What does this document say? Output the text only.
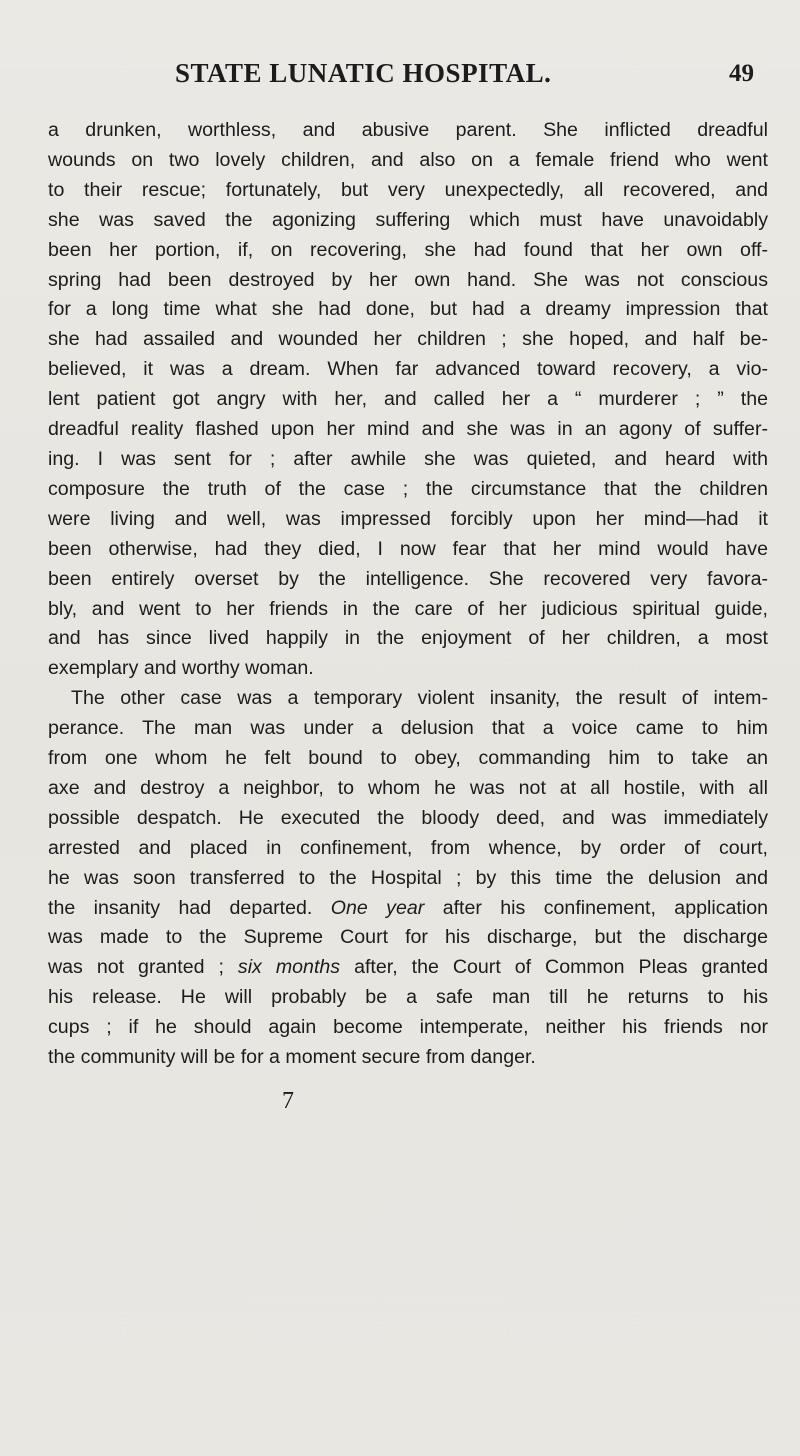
STATE LUNATIC HOSPITAL.	49
a drunken, worthless, and abusive parent. She inflicted dreadful
wounds on two lovely children, and also on a female friend who went
to their rescue; fortunately, but very unexpectedly, all recovered, and
she was saved the agonizing suffering which must have unavoidably
been her portion, if, on recovering, she had found that her own off-
spring had been destroyed by her own hand. She was not conscious
for a long time what she had done, but had a dreamy impression that
she had assailed and wounded her children ; she hoped, and half be-
believed, it was a dream. When far advanced toward recovery, a vio-
lent patient got angry with her, and called her a “ murderer ; ” the
dreadful reality flashed upon her mind and she was in an agony of suffer-
ing. I was sent for ; after awhile she was quieted, and heard with
composure the truth of the case ; the circumstance that the children
were living and well, was impressed forcibly upon her mind—had it
been otherwise, had they died, I now fear that her mind would have
been entirely overset by the intelligence. She recovered very favora-
bly, and went to her friends in the care of her judicious spiritual guide,
and has since lived happily in the enjoyment of her children, a most
exemplary and worthy woman.
The other case was a temporary violent insanity, the result of intem-
perance. The man was under a delusion that a voice came to him
from one whom he felt bound to obey, commanding him to take an
axe and destroy a neighbor, to whom he was not at all hostile, with all
possible despatch. He executed the bloody deed, and was immediately
arrested and placed in confinement, from whence, by order of court,
he was soon transferred to the Hospital ; by this time the delusion and
the insanity had departed. One year after his confinement, application
was made to the Supreme Court for his discharge, but the discharge
was not granted ; six months after, the Court of Common Pleas granted
his release. He will probably be a safe man till he returns to his
cups ; if he should again become intemperate, neither his friends nor
the community will be for a moment secure from danger.
7
